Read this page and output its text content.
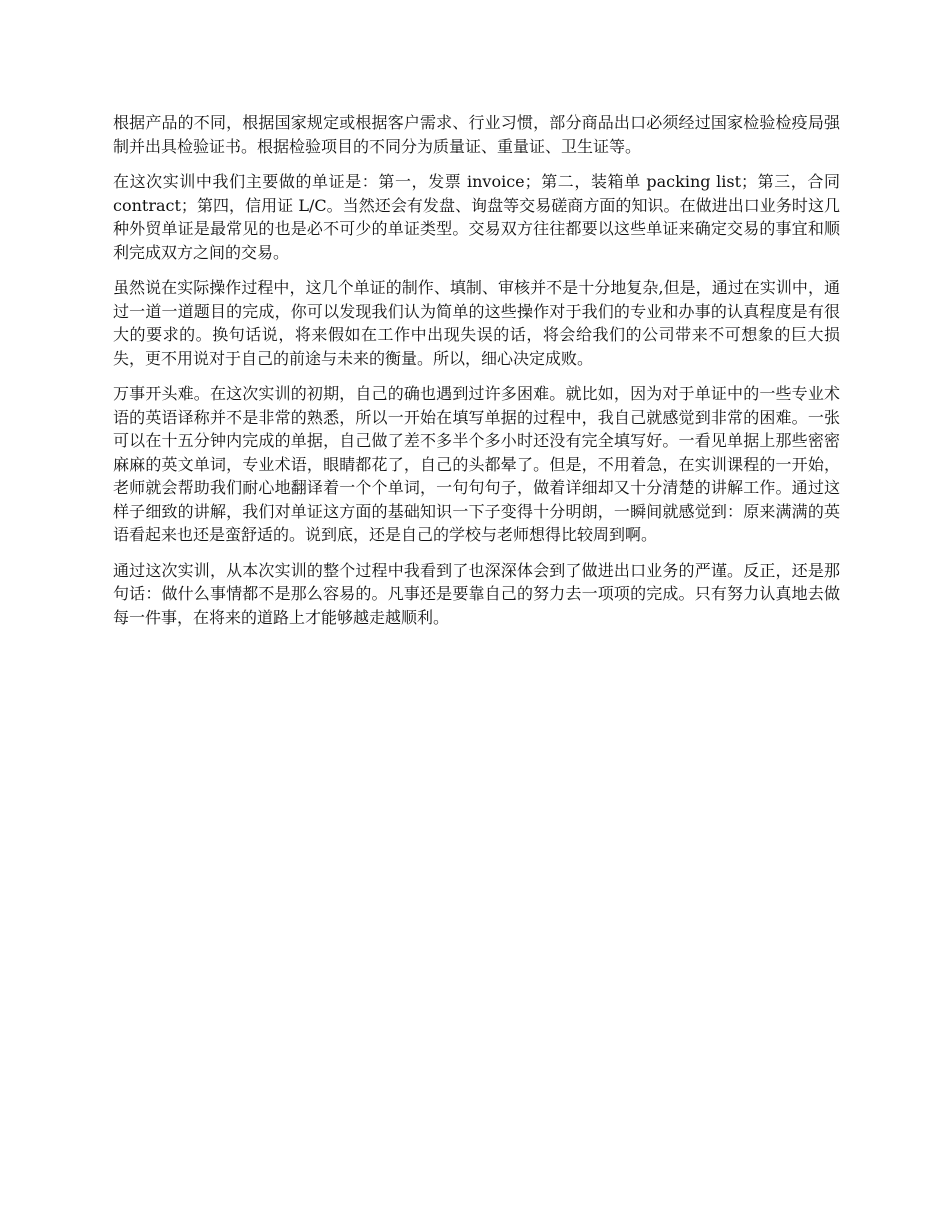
根据产品的不同，根据国家规定或根据客户需求、行业习惯，部分商品出口必须经过国家检验检疫局强制并出具检验证书。根据检验项目的不同分为质量证、重量证、卫生证等。

在这次实训中我们主要做的单证是：第一，发票 invoice；第二，装箱单 packing list；第三，合同 contract；第四，信用证 L/C。当然还会有发盘、询盘等交易磋商方面的知识。在做进出口业务时这几种外贸单证是最常见的也是必不可少的单证类型。交易双方往往都要以这些单证来确定交易的事宜和顺利完成双方之间的交易。

虽然说在实际操作过程中，这几个单证的制作、填制、审核并不是十分地复杂,但是，通过在实训中，通过一道一道题目的完成，你可以发现我们认为简单的这些操作对于我们的专业和办事的认真程度是有很大的要求的。换句话说，将来假如在工作中出现失误的话，将会给我们的公司带来不可想象的巨大损失，更不用说对于自己的前途与未来的衡量。所以，细心决定成败。

万事开头难。在这次实训的初期，自己的确也遇到过许多困难。就比如，因为对于单证中的一些专业术语的英语译称并不是非常的熟悉，所以一开始在填写单据的过程中，我自己就感觉到非常的困难。一张可以在十五分钟内完成的单据，自己做了差不多半个多小时还没有完全填写好。一看见单据上那些密密麻麻的英文单词，专业术语，眼睛都花了，自己的头都晕了。但是，不用着急，在实训课程的一开始，老师就会帮助我们耐心地翻译着一个个单词，一句句句子，做着详细却又十分清楚的讲解工作。通过这样子细致的讲解，我们对单证这方面的基础知识一下子变得十分明朗，一瞬间就感觉到：原来满满的英语看起来也还是蛮舒适的。说到底，还是自己的学校与老师想得比较周到啊。

通过这次实训，从本次实训的整个过程中我看到了也深深体会到了做进出口业务的严谨。反正，还是那句话：做什么事情都不是那么容易的。凡事还是要靠自己的努力去一项项的完成。只有努力认真地去做每一件事，在将来的道路上才能够越走越顺利。
